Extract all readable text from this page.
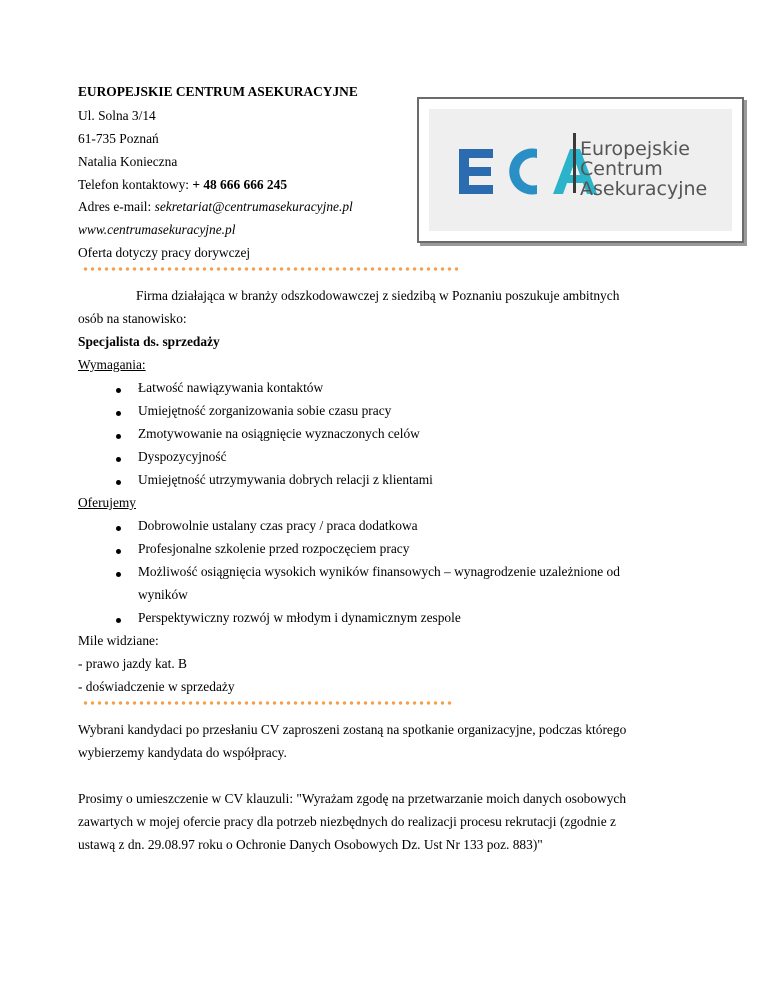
EUROPEJSKIE CENTRUM ASEKURACYJNE
Ul. Solna 3/14
61-735 Poznań
Natalia Konieczna
Telefon kontaktowy: + 48 666 666 245
Adres e-mail: sekretariat@centrumasekuracyjne.pl
www.centrumasekuracyjne.pl
Oferta dotyczy pracy dorywczej
Europejskie
Centrum
Asekuracyjne
Firma działająca w branży odszkodowawczej z siedzibą w Poznaniu poszukuje ambitnych
osób na stanowisko:
Specjalista ds. sprzedaży
Wymagania:
Łatwość nawiązywania kontaktów
Umiejętność zorganizowania sobie czasu pracy
Zmotywowanie na osiągnięcie wyznaczonych celów
Dyspozycyjność
Umiejętność utrzymywania dobrych relacji z klientami
Oferujemy
Dobrowolnie ustalany czas pracy / praca dodatkowa
Profesjonalne szkolenie przed rozpoczęciem pracy
Możliwość osiągnięcia wysokich wyników finansowych – wynagrodzenie uzależnione od
wyników
Perspektywiczny rozwój w młodym i dynamicznym zespole
Mile widziane:
- prawo jazdy kat. B
- doświadczenie w sprzedaży
Wybrani kandydaci po przesłaniu CV zaproszeni zostaną na spotkanie organizacyjne, podczas którego
wybierzemy kandydata do współpracy.
Prosimy o umieszczenie w CV klauzuli: "Wyrażam zgodę na przetwarzanie moich danych osobowych
zawartych w mojej ofercie pracy dla potrzeb niezbędnych do realizacji procesu rekrutacji (zgodnie z
ustawą z dn. 29.08.97 roku o Ochronie Danych Osobowych Dz. Ust Nr 133 poz. 883)"
